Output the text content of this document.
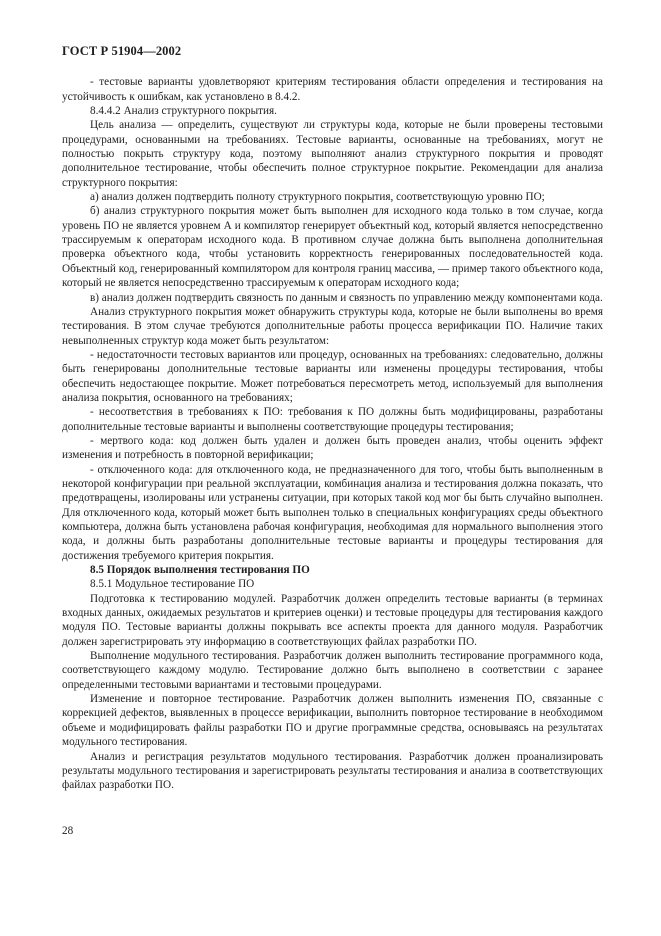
ГОСТ Р 51904—2002

- тестовые варианты удовлетворяют критериям тестирования области определения и тестирования на устойчивость к ошибкам, как установлено в 8.4.2.

8.4.4.2 Анализ структурного покрытия.

Цель анализа — определить, существуют ли структуры кода, которые не были проверены тестовыми процедурами, основанными на требованиях. Тестовые варианты, основанные на требованиях, могут не полностью покрыть структуру кода, поэтому выполняют анализ структурного покрытия и проводят дополнительное тестирование, чтобы обеспечить полное структурное покрытие. Рекомендации для анализа структурного покрытия:

а) анализ должен подтвердить полноту структурного покрытия, соответствующую уровню ПО;

б) анализ структурного покрытия может быть выполнен для исходного кода только в том случае, когда уровень ПО не является уровнем А и компилятор генерирует объектный код, который является непосредственно трассируемым к операторам исходного кода. В противном случае должна быть выполнена дополнительная проверка объектного кода, чтобы установить корректность генерированных последовательностей кода. Объектный код, генерированный компилятором для контроля границ массива, — пример такого объектного кода, который не является непосредственно трассируемым к операторам исходного кода;

в) анализ должен подтвердить связность по данным и связность по управлению между компонентами кода.

Анализ структурного покрытия может обнаружить структуры кода, которые не были выполнены во время тестирования. В этом случае требуются дополнительные работы процесса верификации ПО. Наличие таких невыполненных структур кода может быть результатом:

- недостаточности тестовых вариантов или процедур, основанных на требованиях: следовательно, должны быть генерированы дополнительные тестовые варианты или изменены процедуры тестирования, чтобы обеспечить недостающее покрытие. Может потребоваться пересмотреть метод, используемый для выполнения анализа покрытия, основанного на требованиях;

- несоответствия в требованиях к ПО: требования к ПО должны быть модифицированы, разработаны дополнительные тестовые варианты и выполнены соответствующие процедуры тестирования;

- мертвого кода: код должен быть удален и должен быть проведен анализ, чтобы оценить эффект изменения и потребность в повторной верификации;

- отключенного кода: для отключенного кода, не предназначенного для того, чтобы быть выполненным в некоторой конфигурации при реальной эксплуатации, комбинация анализа и тестирования должна показать, что предотвращены, изолированы или устранены ситуации, при которых такой код мог бы быть случайно выполнен. Для отключенного кода, который может быть выполнен только в специальных конфигурациях среды объектного компьютера, должна быть установлена рабочая конфигурация, необходимая для нормального выполнения этого кода, и должны быть разработаны дополнительные тестовые варианты и процедуры тестирования для достижения требуемого критерия покрытия.

8.5 Порядок выполнения тестирования ПО

8.5.1 Модульное тестирование ПО

Подготовка к тестированию модулей. Разработчик должен определить тестовые варианты (в терминах входных данных, ожидаемых результатов и критериев оценки) и тестовые процедуры для тестирования каждого модуля ПО. Тестовые варианты должны покрывать все аспекты проекта для данного модуля. Разработчик должен зарегистрировать эту информацию в соответствующих файлах разработки ПО.

Выполнение модульного тестирования. Разработчик должен выполнить тестирование программного кода, соответствующего каждому модулю. Тестирование должно быть выполнено в соответствии с заранее определенными тестовыми вариантами и тестовыми процедурами.

Изменение и повторное тестирование. Разработчик должен выполнить изменения ПО, связанные с коррекцией дефектов, выявленных в процессе верификации, выполнить повторное тестирование в необходимом объеме и модифицировать файлы разработки ПО и другие программные средства, основываясь на результатах модульного тестирования.

Анализ и регистрация результатов модульного тестирования. Разработчик должен проанализировать результаты модульного тестирования и зарегистрировать результаты тестирования и анализа в соответствующих файлах разработки ПО.

28
